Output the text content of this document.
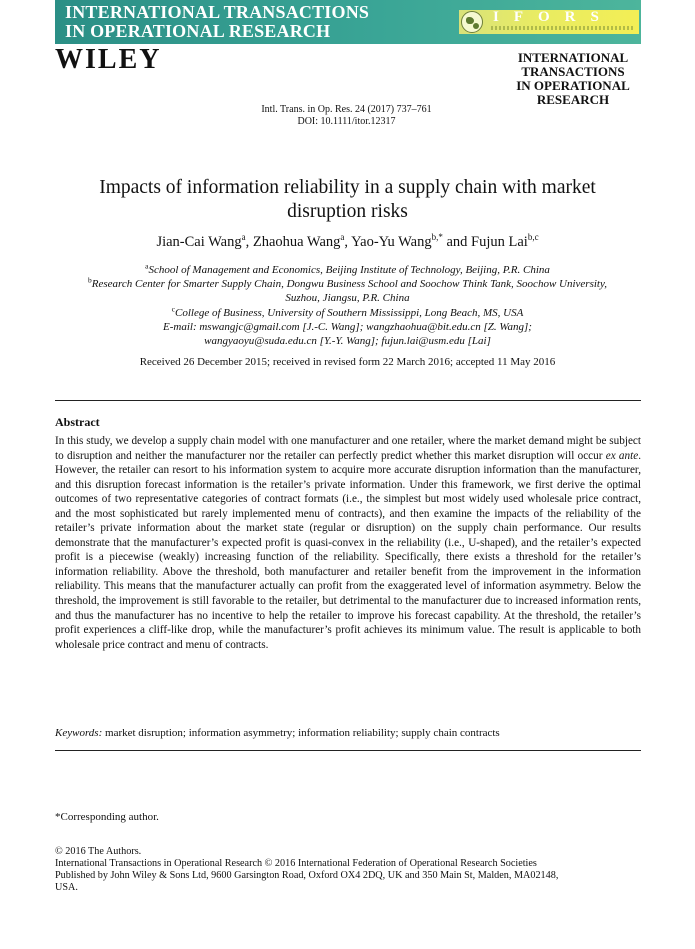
INTERNATIONAL TRANSACTIONS
IN OPERATIONAL RESEARCH
IFORS
WILEY	INTERNATIONAL
TRANSACTIONS
IN OPERATIONAL
RESEARCH
Intl. Trans. in Op. Res. 24 (2017) 737–761
DOI: 10.1111/itor.12317
Impacts of information reliability in a supply chain with market
disruption risks
Jian-Cai Wang$^a$, Zhaohua Wang$^a$, Yao-Yu Wang$^{b,*}$ and Fujun Lai$^{b,c}$
$^a$School of Management and Economics, Beijing Institute of Technology, Beijing, P.R. China
$^b$Research Center for Smarter Supply Chain, Dongwu Business School and Soochow Think Tank, Soochow University,
Suzhou, Jiangsu, P.R. China
$^c$College of Business, University of Southern Mississippi, Long Beach, MS, USA
E-mail: mswangjc@gmail.com [J.-C. Wang]; wangzhaohua@bit.edu.cn [Z. Wang];
wangyaoyu@suda.edu.cn [Y.-Y. Wang]; fujun.lai@usm.edu [Lai]
Received 26 December 2015; received in revised form 22 March 2016; accepted 11 May 2016
Abstract
In this study, we develop a supply chain model with one manufacturer and one retailer, where the market demand might be subject to disruption and neither the manufacturer nor the retailer can perfectly predict whether this market disruption will occur ex ante. However, the retailer can resort to his information system to acquire more accurate disruption information than the manufacturer, and this disruption forecast information is the retailer’s private information. Under this framework, we first derive the optimal outcomes of two representative categories of contract formats (i.e., the simplest but most widely used wholesale price contract, and the most sophisticated but rarely implemented menu of contracts), and then examine the impacts of the reliability of the retailer’s private information about the market state (regular or disruption) on the supply chain performance. Our results demonstrate that the manufacturer’s expected profit is quasi-convex in the reliability (i.e., U-shaped), and the retailer’s expected profit is a piecewise (weakly) increasing function of the reliability. Specifically, there exists a threshold for the retailer’s information reliability. Above the threshold, both manufacturer and retailer benefit from the improvement in the information reliability. This means that the manufacturer actually can profit from the exaggerated level of information asymmetry. Below the threshold, the improvement is still favorable to the retailer, but detrimental to the manufacturer due to increased information rents, and thus the manufacturer has no incentive to help the retailer to improve his forecast capability. At the threshold, the retailer’s profit experiences a cliff-like drop, while the manufacturer’s profit achieves its minimum value. The result is applicable to both wholesale price contract and menu of contracts.
Keywords: market disruption; information asymmetry; information reliability; supply chain contracts
*Corresponding author.
© 2016 The Authors.
International Transactions in Operational Research © 2016 International Federation of Operational Research Societies
Published by John Wiley & Sons Ltd, 9600 Garsington Road, Oxford OX4 2DQ, UK and 350 Main St, Malden, MA02148,
USA.
